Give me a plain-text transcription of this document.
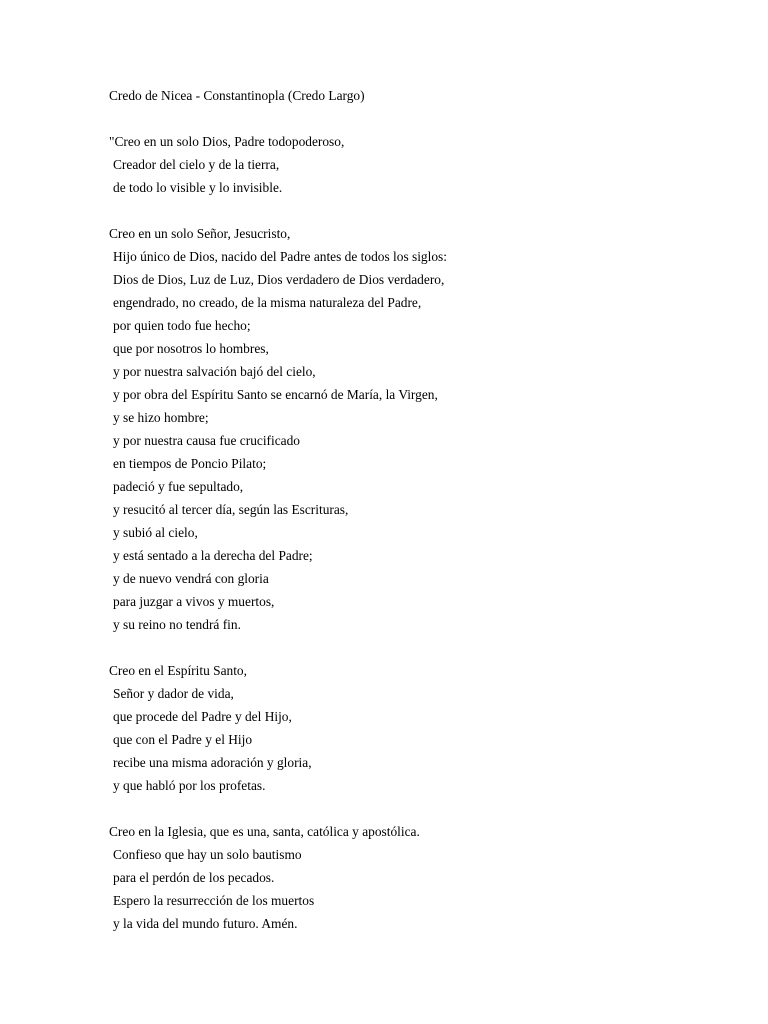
Credo de Nicea - Constantinopla (Credo Largo)

"Creo en un solo Dios, Padre todopoderoso,
Creador del cielo y de la tierra,
de todo lo visible y lo invisible.

Creo en un solo Señor, Jesucristo,
Hijo único de Dios, nacido del Padre antes de todos los siglos:
Dios de Dios, Luz de Luz, Dios verdadero de Dios verdadero,
engendrado, no creado, de la misma naturaleza del Padre,
por quien todo fue hecho;
que por nosotros lo hombres,
y por nuestra salvación bajó del cielo,
y por obra del Espíritu Santo se encarnó de María, la Virgen,
y se hizo hombre;
y por nuestra causa fue crucificado
en tiempos de Poncio Pilato;
padeció y fue sepultado,
y resucitó al tercer día, según las Escrituras,
y subió al cielo,
y está sentado a la derecha del Padre;
y de nuevo vendrá con gloria
para juzgar a vivos y muertos,
y su reino no tendrá fin.

Creo en el Espíritu Santo,
Señor y dador de vida,
que procede del Padre y del Hijo,
que con el Padre y el Hijo
recibe una misma adoración y gloria,
y que habló por los profetas.

Creo en la Iglesia, que es una, santa, católica y apostólica.
Confieso que hay un solo bautismo
para el perdón de los pecados.
Espero la resurrección de los muertos
y la vida del mundo futuro. Amén.
